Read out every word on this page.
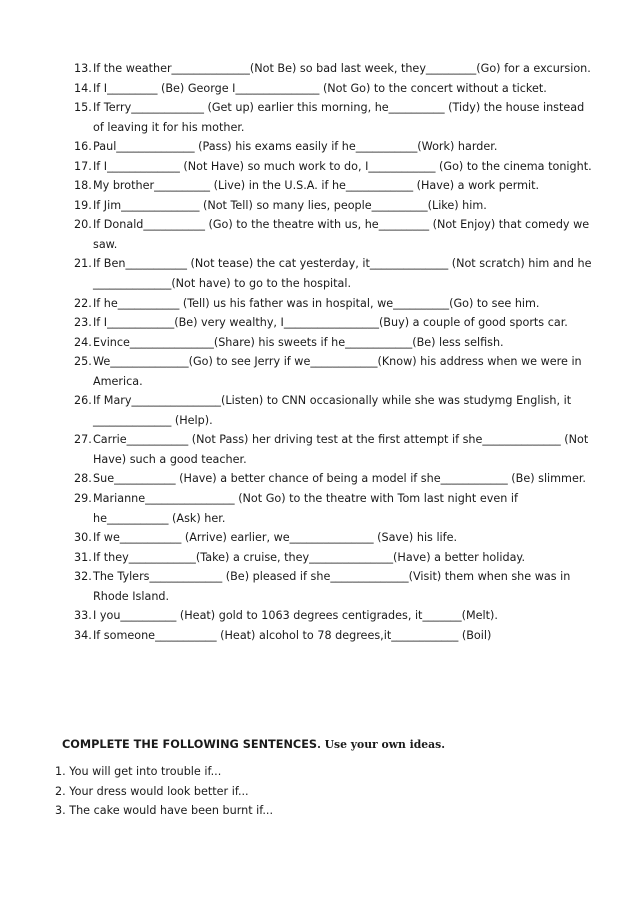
13. If the weather______________(Not Be) so bad last week, they_________(Go) for a excursion.
14. If I_________ (Be) George I_______________ (Not Go) to the concert without a ticket.
15. If Terry_____________ (Get up) earlier this morning, he__________ (Tidy) the house instead of leaving it for his mother.
16. Paul______________ (Pass) his exams easily if he___________(Work) harder.
17. If I_____________ (Not Have) so much work to do, I____________ (Go) to the cinema tonight.
18. My brother__________ (Live) in the U.S.A. if he____________ (Have) a work permit.
19. If Jim______________ (Not Tell) so many lies, people__________(Like) him.
20. If Donald___________ (Go) to the theatre with us, he_________ (Not Enjoy) that comedy we saw.
21. If Ben___________ (Not tease) the cat yesterday, it______________ (Not scratch) him and he ______________(Not have) to go to the hospital.
22. If he___________ (Tell) us his father was in hospital, we__________(Go) to see him.
23. If I____________(Be) very wealthy, I_________________(Buy) a couple of good sports car.
24. Evince_______________(Share) his sweets if he____________(Be) less selfish.
25. We______________(Go) to see Jerry if we____________(Know) his address when we were in America.
26. If Mary________________(Listen) to CNN occasionally while she was studymg English, it ______________ (Help).
27. Carrie___________ (Not Pass) her driving test at the first attempt if she______________ (Not Have) such a good teacher.
28. Sue___________ (Have) a better chance of being a model if she____________ (Be) slimmer.
29. Marianne________________ (Not Go) to the theatre with Tom last night even if he___________ (Ask) her.
30. If we___________ (Arrive) earlier, we_______________ (Save) his life.
31. If they____________(Take) a cruise, they_______________(Have) a better holiday.
32. The Tylers_____________ (Be) pleased if she______________(Visit) them when she was in Rhode Island.
33. I you__________ (Heat) gold to 1063 degrees centigrades, it_______(Melt).
34. If someone___________ (Heat) alcohol to 78 degrees,it____________ (Boil)
COMPLETE THE FOLLOWING SENTENCES. Use your own ideas.
1. You will get into trouble if...
2. Your dress would look better if...
3. The cake would have been burnt if...
